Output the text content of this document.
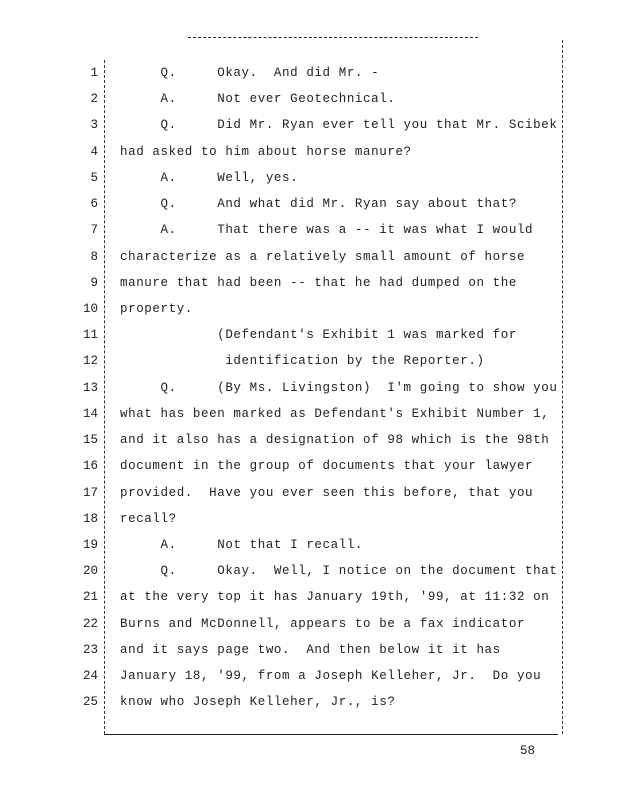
1 Q.     Okay.  And did Mr. -
2 A.     Not ever Geotechnical.
3 Q.     Did Mr. Ryan ever tell you that Mr. Scibek
4 had asked to him about horse manure?
5 A.     Well, yes.
6 Q.     And what did Mr. Ryan say about that?
7 A.     That there was a -- it was what I would
8 characterize as a relatively small amount of horse
9 manure that had been -- that he had dumped on the
10 property.
11 (Defendant's Exhibit 1 was marked for
12 identification by the Reporter.)
13 Q.     (By Ms. Livingston)  I'm going to show you
14 what has been marked as Defendant's Exhibit Number 1,
15 and it also has a designation of 98 which is the 98th
16 document in the group of documents that your lawyer
17 provided.  Have you ever seen this before, that you
18 recall?
19 A.     Not that I recall.
20 Q.     Okay.  Well, I notice on the document that
21 at the very top it has January 19th, '99, at 11:32 on
22 Burns and McDonnell, appears to be a fax indicator
23 and it says page two.  And then below it it has
24 January 18, '99, from a Joseph Kelleher, Jr.  Do you
25 know who Joseph Kelleher, Jr., is?
58
